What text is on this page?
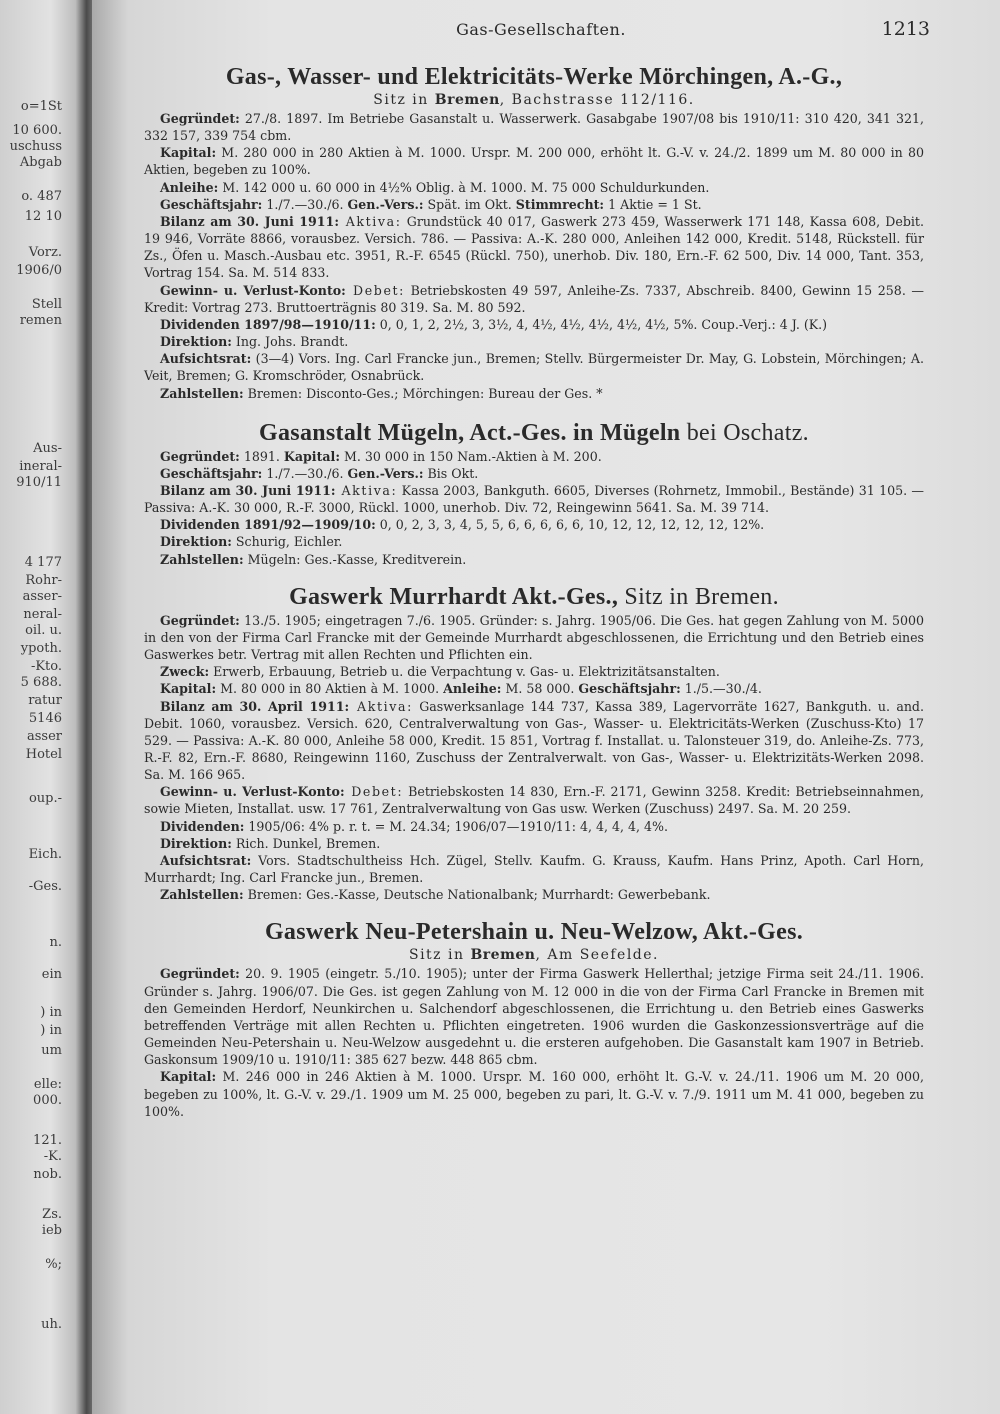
o=1St
10 600.
uschuss
Abgab
o. 487
12 10
Vorz.
1906/0
Stell
remen
Aus-
ineral-
910/11
4 177
Rohr-
asser-
neral-
oil. u.
ypoth.
-Kto.
5 688.
ratur
5146
asser
Hotel
oup.-
Eich.
-Ges.
n.
ein
) in
) in
um
elle:
000.
121.
-K.
nob.
Zs.
ieb
%;
uh.
Gas-Gesellschaften.	1213
Gas-, Wasser- und Elektricitäts-Werke Mörchingen, A.-G.,
Sitz in Bremen, Bachstrasse 112/116.

Gegründet: 27./8. 1897. Im Betriebe Gasanstalt u. Wasserwerk. Gasabgabe 1907/08 bis 1910/11: 310 420, 341 321, 332 157, 339 754 cbm.

Kapital: M. 280 000 in 280 Aktien à M. 1000. Urspr. M. 200 000, erhöht lt. G.-V. v. 24./2. 1899 um M. 80 000 in 80 Aktien, begeben zu 100%.

Anleihe: M. 142 000 u. 60 000 in 4½% Oblig. à M. 1000. M. 75 000 Schuldurkunden.

Geschäftsjahr: 1./7.—30./6. Gen.-Vers.: Spät. im Okt. Stimmrecht: 1 Aktie = 1 St.

Bilanz am 30. Juni 1911: Aktiva: Grundstück 40 017, Gaswerk 273 459, Wasserwerk 171 148, Kassa 608, Debit. 19 946, Vorräte 8866, vorausbez. Versich. 786. — Passiva: A.-K. 280 000, Anleihen 142 000, Kredit. 5148, Rückstell. für Zs., Öfen u. Masch.-Ausbau etc. 3951, R.-F. 6545 (Rückl. 750), unerhob. Div. 180, Ern.-F. 62 500, Div. 14 000, Tant. 353, Vortrag 154. Sa. M. 514 833.

Gewinn- u. Verlust-Konto: Debet: Betriebskosten 49 597, Anleihe-Zs. 7337, Abschreib. 8400, Gewinn 15 258. — Kredit: Vortrag 273. Bruttoerträgnis 80 319. Sa. M. 80 592.

Dividenden 1897/98—1910/11: 0, 0, 1, 2, 2½, 3, 3½, 4, 4½, 4½, 4½, 4½, 4½, 5%. Coup.-Verj.: 4 J. (K.)

Direktion: Ing. Johs. Brandt.

Aufsichtsrat: (3—4) Vors. Ing. Carl Francke jun., Bremen; Stellv. Bürgermeister Dr. May, G. Lobstein, Mörchingen; A. Veit, Bremen; G. Kromschröder, Osnabrück.

Zahlstellen: Bremen: Disconto-Ges.; Mörchingen: Bureau der Ges. *

Gasanstalt Mügeln, Act.-Ges. in Mügeln bei Oschatz.

Gegründet: 1891. Kapital: M. 30 000 in 150 Nam.-Aktien à M. 200.

Geschäftsjahr: 1./7.—30./6. Gen.-Vers.: Bis Okt.

Bilanz am 30. Juni 1911: Aktiva: Kassa 2003, Bankguth. 6605, Diverses (Rohrnetz, Immobil., Bestände) 31 105. — Passiva: A.-K. 30 000, R.-F. 3000, Rückl. 1000, unerhob. Div. 72, Reingewinn 5641. Sa. M. 39 714.

Dividenden 1891/92—1909/10: 0, 0, 2, 3, 3, 4, 5, 5, 6, 6, 6, 6, 6, 10, 12, 12, 12, 12, 12, 12%.

Direktion: Schurig, Eichler.

Zahlstellen: Mügeln: Ges.-Kasse, Kreditverein.

Gaswerk Murrhardt Akt.-Ges., Sitz in Bremen.

Gegründet: 13./5. 1905; eingetragen 7./6. 1905. Gründer: s. Jahrg. 1905/06. Die Ges. hat gegen Zahlung von M. 5000 in den von der Firma Carl Francke mit der Gemeinde Murrhardt abgeschlossenen, die Errichtung und den Betrieb eines Gaswerkes betr. Vertrag mit allen Rechten und Pflichten ein.

Zweck: Erwerb, Erbauung, Betrieb u. die Verpachtung v. Gas- u. Elektrizitätsanstalten.

Kapital: M. 80 000 in 80 Aktien à M. 1000. Anleihe: M. 58 000. Geschäftsjahr: 1./5.—30./4.

Bilanz am 30. April 1911: Aktiva: Gaswerksanlage 144 737, Kassa 389, Lagervorräte 1627, Bankguth. u. and. Debit. 1060, vorausbez. Versich. 620, Centralverwaltung von Gas-, Wasser- u. Elektricitäts-Werken (Zuschuss-Kto) 17 529. — Passiva: A.-K. 80 000, Anleihe 58 000, Kredit. 15 851, Vortrag f. Installat. u. Talonsteuer 319, do. Anleihe-Zs. 773, R.-F. 82, Ern.-F. 8680, Reingewinn 1160, Zuschuss der Zentralverwalt. von Gas-, Wasser- u. Elektrizitäts-Werken 2098. Sa. M. 166 965.

Gewinn- u. Verlust-Konto: Debet: Betriebskosten 14 830, Ern.-F. 2171, Gewinn 3258. Kredit: Betriebseinnahmen, sowie Mieten, Installat. usw. 17 761, Zentralverwaltung von Gas usw. Werken (Zuschuss) 2497. Sa. M. 20 259.

Dividenden: 1905/06: 4% p. r. t. = M. 24.34; 1906/07—1910/11: 4, 4, 4, 4, 4%.

Direktion: Rich. Dunkel, Bremen.

Aufsichtsrat: Vors. Stadtschultheiss Hch. Zügel, Stellv. Kaufm. G. Krauss, Kaufm. Hans Prinz, Apoth. Carl Horn, Murrhardt; Ing. Carl Francke jun., Bremen.

Zahlstellen: Bremen: Ges.-Kasse, Deutsche Nationalbank; Murrhardt: Gewerbebank.

Gaswerk Neu-Petershain u. Neu-Welzow, Akt.-Ges.
Sitz in Bremen, Am Seefelde.

Gegründet: 20. 9. 1905 (eingetr. 5./10. 1905); unter der Firma Gaswerk Hellerthal; jetzige Firma seit 24./11. 1906. Gründer s. Jahrg. 1906/07. Die Ges. ist gegen Zahlung von M. 12 000 in die von der Firma Carl Francke in Bremen mit den Gemeinden Herdorf, Neunkirchen u. Salchendorf abgeschlossenen, die Errichtung u. den Betrieb eines Gaswerks betreffenden Verträge mit allen Rechten u. Pflichten eingetreten. 1906 wurden die Gaskonzessionsverträge auf die Gemeinden Neu-Petershain u. Neu-Welzow ausgedehnt u. die ersteren aufgehoben. Die Gasanstalt kam 1907 in Betrieb. Gaskonsum 1909/10 u. 1910/11: 385 627 bezw. 448 865 cbm.

Kapital: M. 246 000 in 246 Aktien à M. 1000. Urspr. M. 160 000, erhöht lt. G.-V. v. 24./11. 1906 um M. 20 000, begeben zu 100%, lt. G.-V. v. 29./1. 1909 um M. 25 000, begeben zu pari, lt. G.-V. v. 7./9. 1911 um M. 41 000, begeben zu 100%.
